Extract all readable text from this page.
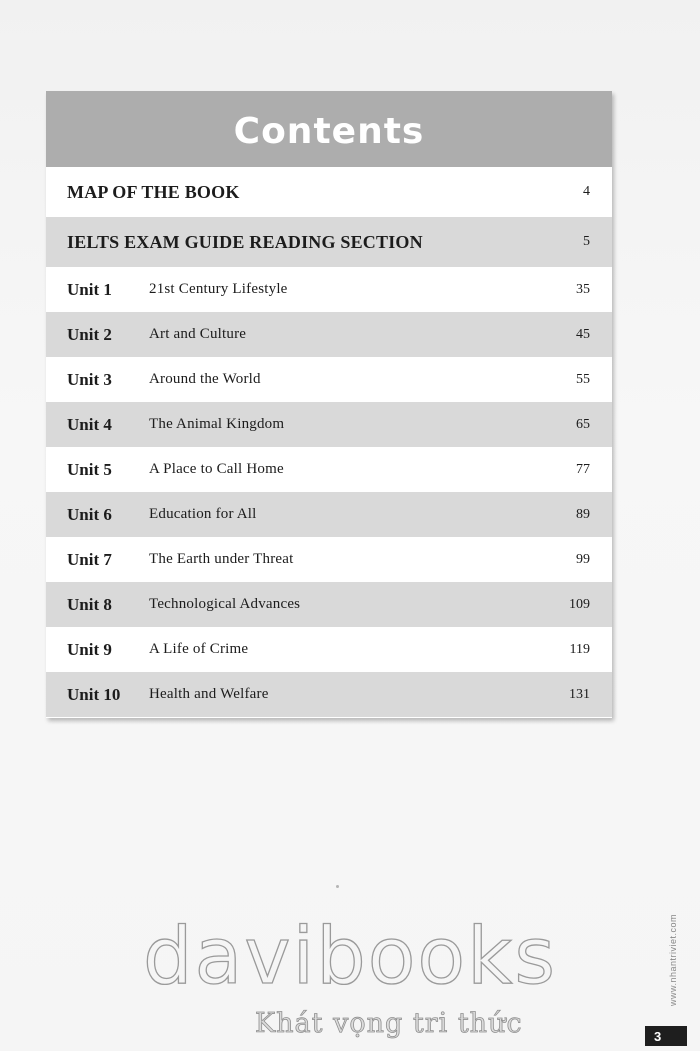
Contents
MAP OF THE BOOK	4
IELTS EXAM GUIDE READING SECTION	5
Unit 1 21st Century Lifestyle	35
Unit 2 Art and Culture	45
Unit 3 Around the World	55
Unit 4 The Animal Kingdom	65
Unit 5 A Place to Call Home	77
Unit 6 Education for All	89
Unit 7 The Earth under Threat	99
Unit 8 Technological Advances	109
Unit 9 A Life of Crime	119
Unit 10 Health and Welfare	131
davibooks
Khát vọng tri thức
www.nhantriviet.com
3
